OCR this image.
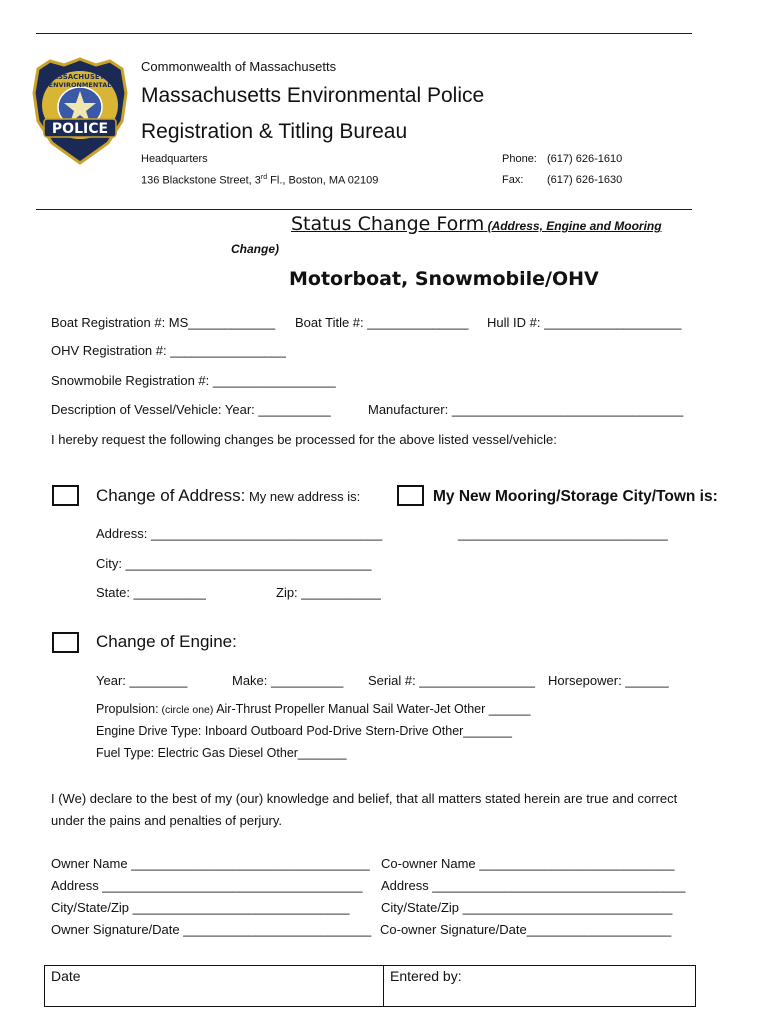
MASSACHUSETTS
ENVIRONMENTAL
POLICE
Commonwealth of Massachusetts
Massachusetts Environmental Police
Registration & Titling Bureau
Headquarters
136 Blackstone Street, 3rd Fl., Boston, MA 02109
Phone: (617) 626-1610
Fax: (617) 626-1630
Status Change Form (Address, Engine and Mooring
Change)
Motorboat, Snowmobile/OHV
Boat Registration #: MS____________ Boat Title #: ______________ Hull ID #: ___________________
OHV Registration #: ________________
Snowmobile Registration #: _________________
Description of Vessel/Vehicle: Year: __________	Manufacturer: ________________________________
I hereby request the following changes be processed for the above listed vessel/vehicle:
Change of Address: My new address is:	My New Mooring/Storage City/Town is:
Address: ________________________________	_____________________________
City: __________________________________
State: __________	Zip: ___________
Change of Engine:
Year: ________	Make: __________ Serial #: ________________ Horsepower: ______
Propulsion: (circle one) Air-Thrust Propeller Manual Sail Water-Jet Other ______
Engine Drive Type: Inboard Outboard Pod-Drive Stern-Drive Other_______
Fuel Type: Electric Gas Diesel Other_______
I (We) declare to the best of my (our) knowledge and belief, that all matters stated herein are true and correct
under the pains and penalties of perjury.
Owner Name _________________________________ Co-owner Name ___________________________
Address ____________________________________ Address ___________________________________
City/State/Zip ______________________________ City/State/Zip _____________________________
Owner Signature/Date __________________________ Co-owner Signature/Date____________________
Date	Entered by:
